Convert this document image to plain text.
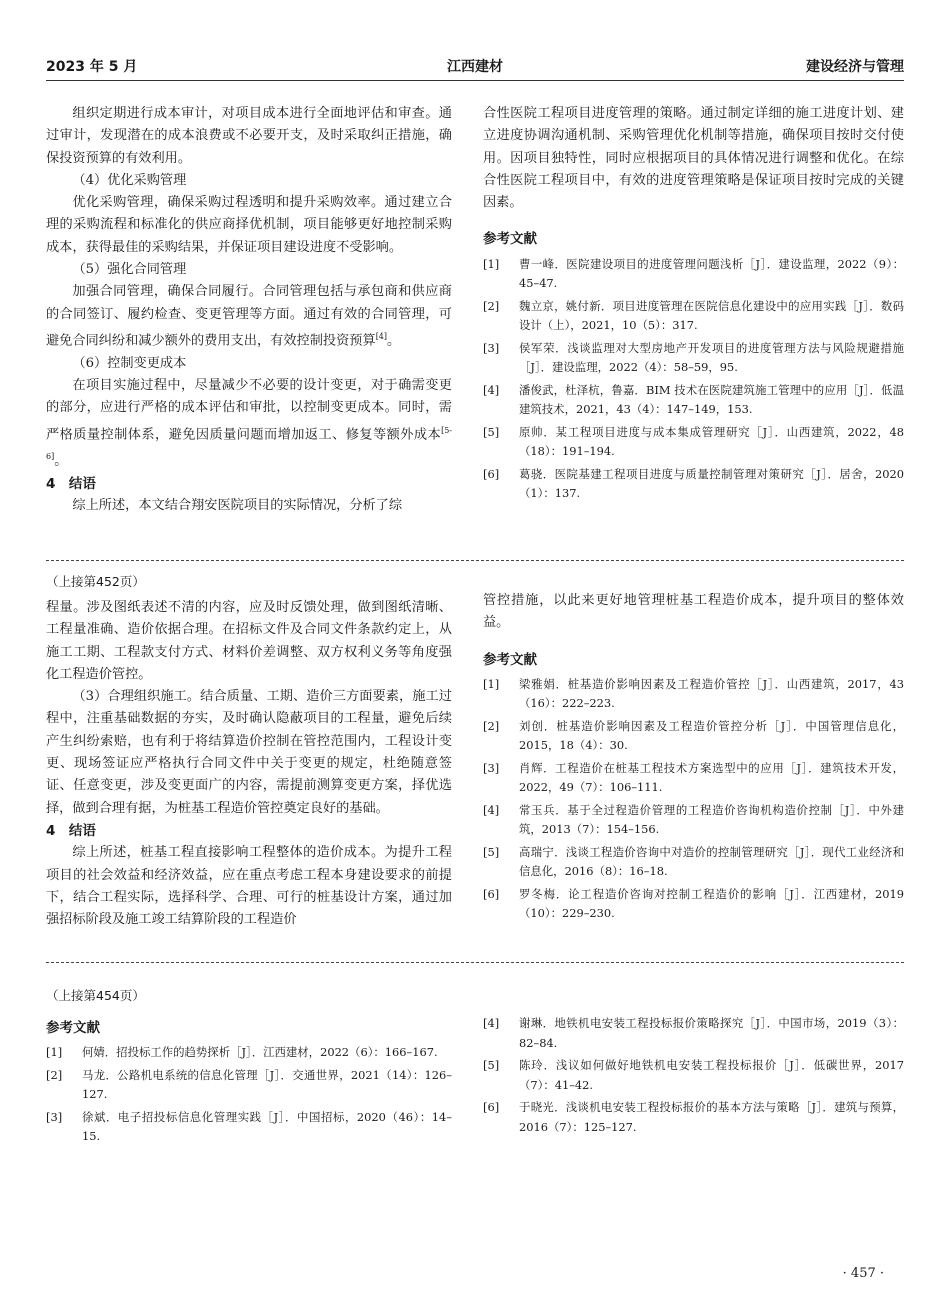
2023 年 5 月	江西建材	建设经济与管理

组织定期进行成本审计，对项目成本进行全面地评估和审查。通过审计，发现潜在的成本浪费或不必要开支，及时采取纠正措施，确保投资预算的有效利用。

（4）优化采购管理

优化采购管理，确保采购过程透明和提升采购效率。通过建立合理的采购流程和标准化的供应商择优机制，项目能够更好地控制采购成本，获得最佳的采购结果，并保证项目建设进度不受影响。

（5）强化合同管理

加强合同管理，确保合同履行。合同管理包括与承包商和供应商的合同签订、履约检查、变更管理等方面。通过有效的合同管理，可避免合同纠纷和减少额外的费用支出，有效控制投资预算[4]。

（6）控制变更成本

在项目实施过程中，尽量减少不必要的设计变更，对于确需变更的部分，应进行严格的成本评估和审批，以控制变更成本。同时，需严格质量控制体系，避免因质量问题而增加返工、修复等额外成本[5-6]。

4　结语

综上所述，本文结合翔安医院项目的实际情况，分析了综

合性医院工程项目进度管理的策略。通过制定详细的施工进度计划、建立进度协调沟通机制、采购管理优化机制等措施，确保项目按时交付使用。因项目独特性，同时应根据项目的具体情况进行调整和优化。在综合性医院工程项目中，有效的进度管理策略是保证项目按时完成的关键因素。

参考文献
[1]	曹一峰．医院建设项目的进度管理问题浅析［J］．建设监理，2022（9）：45–47.
[2]	魏立京，姚付新．项目进度管理在医院信息化建设中的应用实践［J］．数码设计（上），2021，10（5）：317.
[3]	侯军荣．浅谈监理对大型房地产开发项目的进度管理方法与风险规避措施［J］．建设监理，2022（4）：58–59，95.
[4]	潘俊武，杜泽杭，鲁嘉．BIM 技术在医院建筑施工管理中的应用［J］．低温建筑技术，2021，43（4）：147–149，153.
[5]	原帅．某工程项目进度与成本集成管理研究［J］．山西建筑，2022，48（18）：191–194.
[6]	葛骁．医院基建工程项目进度与质量控制管理对策研究［J］．居舍，2020（1）：137.
（上接第452页）

程量。涉及图纸表述不清的内容，应及时反馈处理，做到图纸清晰、工程量准确、造价依据合理。在招标文件及合同文件条款约定上，从施工工期、工程款支付方式、材料价差调整、双方权利义务等角度强化工程造价管控。

（3）合理组织施工。结合质量、工期、造价三方面要素，施工过程中，注重基础数据的夯实，及时确认隐蔽项目的工程量，避免后续产生纠纷索赔，也有利于将结算造价控制在管控范围内，工程设计变更、现场签证应严格执行合同文件中关于变更的规定，杜绝随意签证、任意变更，涉及变更面广的内容，需提前测算变更方案，择优选择，做到合理有据，为桩基工程造价管控奠定良好的基础。

4　结语

综上所述，桩基工程直接影响工程整体的造价成本。为提升工程项目的社会效益和经济效益，应在重点考虑工程本身建设要求的前提下，结合工程实际，选择科学、合理、可行的桩基设计方案，通过加强招标阶段及施工竣工结算阶段的工程造价

管控措施，以此来更好地管理桩基工程造价成本，提升项目的整体效益。

参考文献
[1]	梁雅娟．桩基造价影响因素及工程造价管控［J］．山西建筑，2017，43（16）：222–223.
[2]	刘创．桩基造价影响因素及工程造价管控分析［J］．中国管理信息化，2015，18（4）：30.
[3]	肖辉．工程造价在桩基工程技术方案选型中的应用［J］．建筑技术开发，2022，49（7）：106–111.
[4]	常玉兵．基于全过程造价管理的工程造价咨询机构造价控制［J］．中外建筑，2013（7）：154–156.
[5]	高瑞宁．浅谈工程造价咨询中对造价的控制管理研究［J］．现代工业经济和信息化，2016（8）：16–18.
[6]	罗冬梅．论工程造价咨询对控制工程造价的影响［J］．江西建材，2019（10）：229–230.
（上接第454页）
参考文献
[1]	何婧．招投标工作的趋势探析［J］．江西建材，2022（6）：166–167.
[2]	马龙．公路机电系统的信息化管理［J］．交通世界，2021（14）：126–127.
[3]	徐斌．电子招投标信息化管理实践［J］．中国招标，2020（46）：14–15.
[4]	谢琳．地铁机电安装工程投标报价策略探究［J］．中国市场，2019（3）：82–84.
[5]	陈玲．浅议如何做好地铁机电安装工程投标报价［J］．低碳世界，2017（7）：41–42.
[6]	于晓光．浅谈机电安装工程投标报价的基本方法与策略［J］．建筑与预算，2016（7）：125–127.
· 457 ·
